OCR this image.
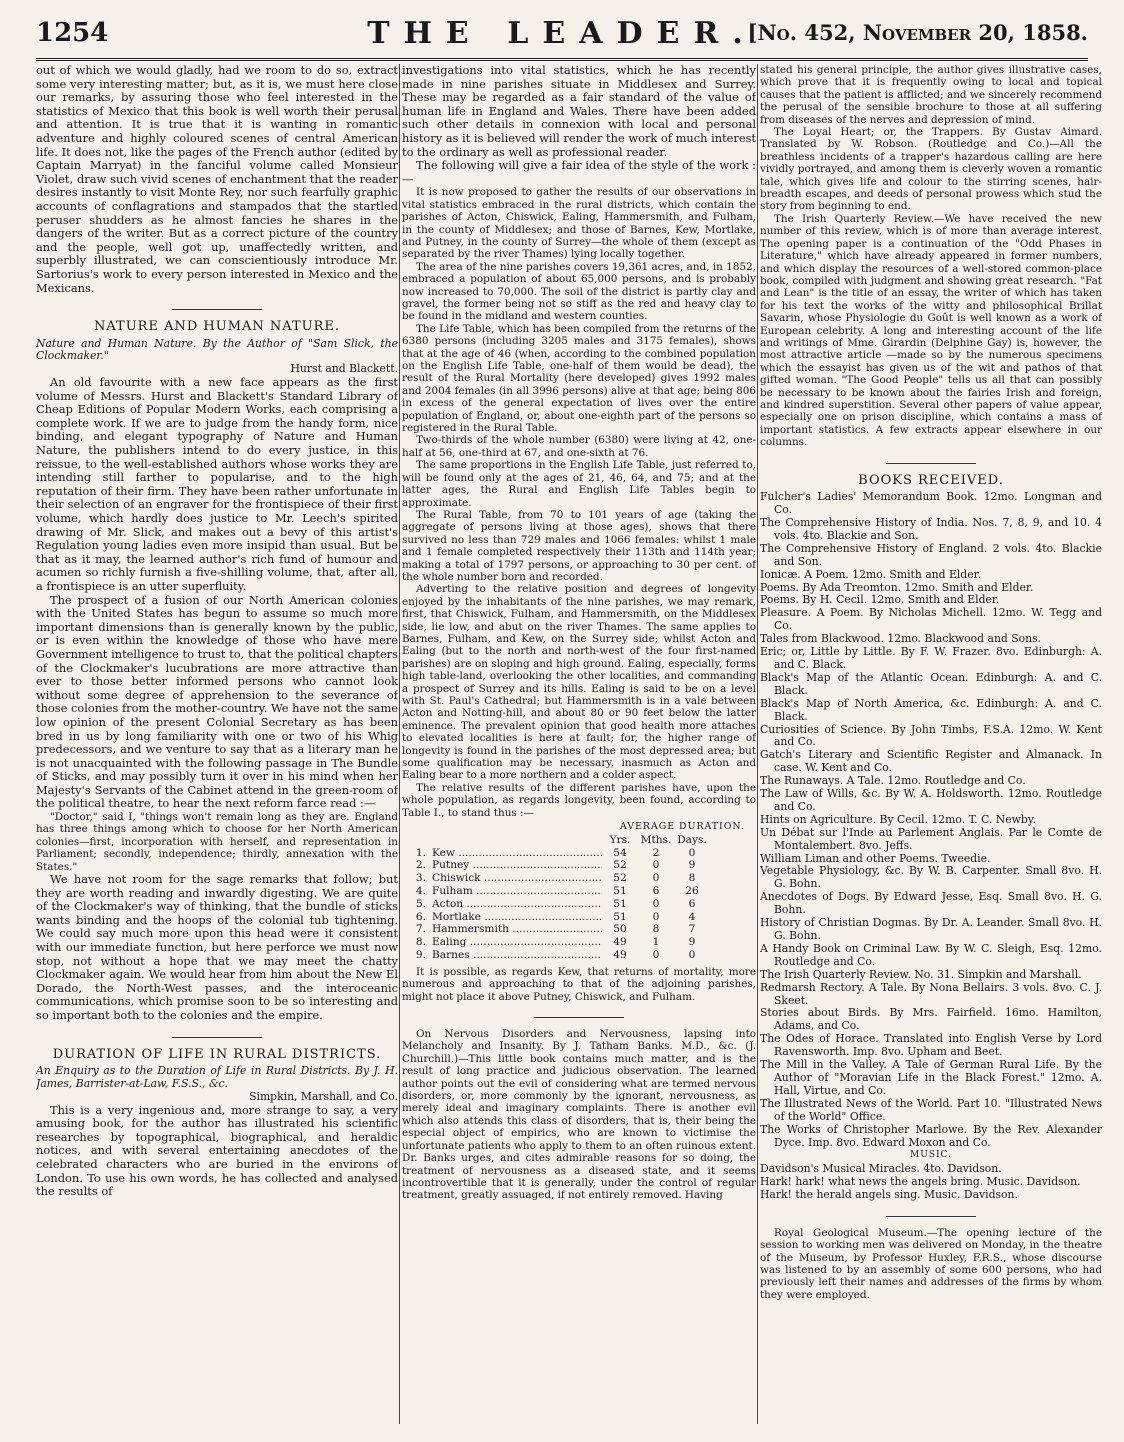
1254	THE LEADER.
[No. 452, November 20, 1858.

out of which we would gladly, had we room to do so, extract some very interesting matter; but, as it is, we must here close our remarks, by assuring those who feel interested in the statistics of Mexico that this book is well worth their perusal and attention. It is true that it is wanting in romantic adventure and highly coloured scenes of central American life. It does not, like the pages of the French author (edited by Captain Marryat) in the fanciful volume called Monsieur Violet, draw such vivid scenes of enchantment that the reader desires instantly to visit Monte Rey, nor such fearfully graphic accounts of conflagrations and stampados that the startled peruser shudders as he almost fancies he shares in the dangers of the writer. But as a correct picture of the country and the people, well got up, unaffectedly written, and superbly illustrated, we can conscientiously introduce Mr. Sartorius's work to every person interested in Mexico and the Mexicans.

NATURE AND HUMAN NATURE.

Nature and Human Nature. By the Author of "Sam Slick, the Clockmaker."

Hurst and Blackett.

An old favourite with a new face appears as the first volume of Messrs. Hurst and Blackett's Standard Library of Cheap Editions of Popular Modern Works, each comprising a complete work. If we are to judge from the handy form, nice binding, and elegant typography of Nature and Human Nature, the publishers intend to do every justice, in this reissue, to the well-established authors whose works they are intending still farther to popularise, and to the high reputation of their firm. They have been rather unfortunate in their selection of an engraver for the frontispiece of their first volume, which hardly does justice to Mr. Leech's spirited drawing of Mr. Slick, and makes out a bevy of this artist's Regulation young ladies even more insipid than usual. But be that as it may, the learned author's rich fund of humour and acumen so richly furnish a five-shilling volume, that, after all, a frontispiece is an utter superfluity.

The prospect of a fusion of our North American colonies with the United States has begun to assume so much more important dimensions than is generally known by the public, or is even within the knowledge of those who have mere Government intelligence to trust to, that the political chapters of the Clockmaker's lucubrations are more attractive than ever to those better informed persons who cannot look without some degree of apprehension to the severance of those colonies from the mother-country. We have not the same low opinion of the present Colonial Secretary as has been bred in us by long familiarity with one or two of his Whig predecessors, and we venture to say that as a literary man he is not unacquainted with the following passage in The Bundle of Sticks, and may possibly turn it over in his mind when her Majesty's Servants of the Cabinet attend in the green-room of the political theatre, to hear the next reform farce read :—

"Doctor," said I, "things won't remain long as they are. England has three things among which to choose for her North American colonies—first, incorporation with herself, and representation in Parliament; secondly, independence; thirdly, annexation with the States."

We have not room for the sage remarks that follow; but they are worth reading and inwardly digesting. We are quite of the Clockmaker's way of thinking, that the bundle of sticks wants binding and the hoops of the colonial tub tightening. We could say much more upon this head were it consistent with our immediate function, but here perforce we must now stop, not without a hope that we may meet the chatty Clockmaker again. We would hear from him about the New El Dorado, the North-West passes, and the interoceanic communications, which promise soon to be so interesting and so important both to the colonies and the empire.

DURATION OF LIFE IN RURAL DISTRICTS.

An Enquiry as to the Duration of Life in Rural Districts. By J. H. James, Barrister-at-Law, F.S.S., &c.

Simpkin, Marshall, and Co.

This is a very ingenious and, more strange to say, a very amusing book, for the author has illustrated his scientific researches by topographical, biographical, and heraldic notices, and with several entertaining anecdotes of the celebrated characters who are buried in the environs of London. To use his own words, he has collected and analysed the results of

investigations into vital statistics, which he has recently made in nine parishes situate in Middlesex and Surrey. These may be regarded as a fair standard of the value of human life in England and Wales. There have been added such other details in connexion with local and personal history as it is believed will render the work of much interest to the ordinary as well as professional reader.

The following will give a fair idea of the style of the work :—

It is now proposed to gather the results of our observations in vital statistics embraced in the rural districts, which contain the parishes of Acton, Chiswick, Ealing, Hammersmith, and Fulham, in the county of Middlesex; and those of Barnes, Kew, Mortlake, and Putney, in the county of Surrey—the whole of them (except as separated by the river Thames) lying locally together.

The area of the nine parishes covers 19,361 acres, and, in 1852, embraced a population of about 65,000 persons, and is probably now increased to 70,000. The soil of the district is partly clay and gravel, the former being not so stiff as the red and heavy clay to be found in the midland and western counties.

The Life Table, which has been compiled from the returns of the 6380 persons (including 3205 males and 3175 females), shows that at the age of 46 (when, according to the combined population on the English Life Table, one-half of them would be dead), the result of the Rural Mortality (here developed) gives 1992 males and 2004 females (in all 3996 persons) alive at that age; being 806 in excess of the general expectation of lives over the entire population of England, or, about one-eighth part of the persons so registered in the Rural Table.

Two-thirds of the whole number (6380) were living at 42, one-half at 56, one-third at 67, and one-sixth at 76.

The same proportions in the English Life Table, just referred to, will be found only at the ages of 21, 46, 64, and 75; and at the latter ages, the Rural and English Life Tables begin to approximate.

The Rural Table, from 70 to 101 years of age (taking the aggregate of persons living at those ages), shows that there survived no less than 729 males and 1066 females: whilst 1 male and 1 female completed respectively their 113th and 114th year; making a total of 1797 persons, or approaching to 30 per cent. of the whole number born and recorded.

Adverting to the relative position and degrees of longevity enjoyed by the inhabitants of the nine parishes, we may remark, first, that Chiswick, Fulham, and Hammersmith, on the Middlesex side, lie low, and abut on the river Thames. The same applies to Barnes, Fulham, and Kew, on the Surrey side; whilst Acton and Ealing (but to the north and north-west of the four first-named parishes) are on sloping and high ground. Ealing, especially, forms high table-land, overlooking the other localities, and commanding a prospect of Surrey and its hills. Ealing is said to be on a level with St. Paul's Cathedral; but Hammersmith is in a vale between Acton and Notting-hill, and about 80 or 90 feet below the latter eminence. The prevalent opinion that good health more attaches to elevated localities is here at fault; for, the higher range of longevity is found in the parishes of the most depressed area; but some qualification may be necessary, inasmuch as Acton and Ealing bear to a more northern and a colder aspect.

The relative results of the different parishes have, upon the whole population, as regards longevity, been found, according to Table I., to stand thus :—

AVERAGE DURATION.
Yrs. Mths. Days.
1. Kew .....	54	2	0
2. Putney .....	52	0	9
3. Chiswick .....	52	0	8
4. Fulham .....	51	6	26
5. Acton .....	51	0	6
6. Mortlake .....	51	0	4
7. Hammersmith .....	50	8	7
8. Ealing .....	49	1	9
9. Barnes .....	49	0	0

It is possible, as regards Kew, that returns of mortality, more numerous and approaching to that of the adjoining parishes, might not place it above Putney, Chiswick, and Fulham.

On Nervous Disorders and Nervousness, lapsing into Melancholy and Insanity. By J. Tatham Banks. M.D., &c. (J. Churchill.)—This little book contains much matter, and is the result of long practice and judicious observation. The learned author points out the evil of considering what are termed nervous disorders, or, more commonly by the ignorant, nervousness, as merely ideal and imaginary complaints. There is another evil which also attends this class of disorders, that is, their being the especial object of empirics, who are known to victimise the unfortunate patients who apply to them to an often ruinous extent. Dr. Banks urges, and cites admirable reasons for so doing, the treatment of nervousness as a diseased state, and it seems incontrovertible that it is generally, under the control of regular treatment, greatly assuaged, if not entirely removed. Having

stated his general principle, the author gives illustrative cases, which prove that it is frequently owing to local and topical causes that the patient is afflicted; and we sincerely recommend the perusal of the sensible brochure to those at all suffering from diseases of the nerves and depression of mind.

The Loyal Heart; or, the Trappers. By Gustav Aimard. Translated by W. Robson. (Routledge and Co.)—All the breathless incidents of a trapper's hazardous calling are here vividly portrayed, and among them is cleverly woven a romantic tale, which gives life and colour to the stirring scenes, hair-breadth escapes, and deeds of personal prowess which stud the story from beginning to end.

The Irish Quarterly Review.—We have received the new number of this review, which is of more than average interest. The opening paper is a continuation of the "Odd Phases in Literature," which have already appeared in former numbers, and which display the resources of a well-stored common-place book, compiled with judgment and showing great research. "Fat and Lean" is the title of an essay, the writer of which has taken for his text the works of the witty and philosophical Brillat Savarin, whose Physiologie du Goût is well known as a work of European celebrity. A long and interesting account of the life and writings of Mme. Girardin (Delphine Gay) is, however, the most attractive article —made so by the numerous specimens which the essayist has given us of the wit and pathos of that gifted woman. "The Good People" tells us all that can possibly be necessary to be known about the fairies Irish and foreign, and kindred superstition. Several other papers of value appear, especially one on prison discipline, which contains a mass of important statistics. A few extracts appear elsewhere in our columns.

BOOKS RECEIVED.

Fulcher's Ladies' Memorandum Book. 12mo. Longman and Co.

The Comprehensive History of India. Nos. 7, 8, 9, and 10. 4 vols. 4to. Blackie and Son.

The Comprehensive History of England. 2 vols. 4to. Blackie and Son.

Ionicæ. A Poem. 12mo. Smith and Elder.

Poems. By Ada Treomton. 12mo. Smith and Elder.

Poems. By H. Cecil. 12mo. Smith and Elder.

Pleasure. A Poem. By Nicholas Michell. 12mo. W. Tegg and Co.

Tales from Blackwood. 12mo. Blackwood and Sons.

Eric; or, Little by Little. By F. W. Frazer. 8vo. Edinburgh: A. and C. Black.

Black's Map of the Atlantic Ocean. Edinburgh: A. and C. Black.

Black's Map of North America, &c. Edinburgh: A. and C. Black.

Curiosities of Science. By John Timbs, F.S.A. 12mo. W. Kent and Co.

Gatch's Literary and Scientific Register and Almanack. In case. W. Kent and Co.

The Runaways. A Tale. 12mo. Routledge and Co.

The Law of Wills, &c. By W. A. Holdsworth. 12mo. Routledge and Co.

Hints on Agriculture. By Cecil. 12mo. T. C. Newby.

Un Débat sur l'Inde au Parlement Anglais. Par le Comte de Montalembert. 8vo. Jeffs.

William Liman and other Poems. Tweedie.

Vegetable Physiology, &c. By W. B. Carpenter. Small 8vo. H. G. Bohn.

Anecdotes of Dogs. By Edward Jesse, Esq. Small 8vo. H. G. Bohn.

History of Christian Dogmas. By Dr. A. Leander. Small 8vo. H. G. Bohn.

A Handy Book on Criminal Law. By W. C. Sleigh, Esq. 12mo. Routledge and Co.

The Irish Quarterly Review. No. 31. Simpkin and Marshall.

Redmarsh Rectory. A Tale. By Nona Bellairs. 3 vols. 8vo. C. J. Skeet.

Stories about Birds. By Mrs. Fairfield. 16mo. Hamilton, Adams, and Co.

The Odes of Horace. Translated into English Verse by Lord Ravensworth. Imp. 8vo. Upham and Beet.

The Mill in the Valley. A Tale of German Rural Life. By the Author of "Moravian Life in the Black Forest." 12mo. A. Hall, Virtue, and Co.

The Illustrated News of the World. Part 10. "Illustrated News of the World" Office.

The Works of Christopher Marlowe. By the Rev. Alexander Dyce. Imp. 8vo. Edward Moxon and Co.

MUSIC.

Davidson's Musical Miracles. 4to. Davidson.

Hark! hark! what news the angels bring. Music. Davidson.

Hark! the herald angels sing. Music. Davidson.

Royal Geological Museum.—The opening lecture of the session to working men was delivered on Monday, in the theatre of the Museum, by Professor Huxley, F.R.S., whose discourse was listened to by an assembly of some 600 persons, who had previously left their names and addresses of the firms by whom they were employed.
